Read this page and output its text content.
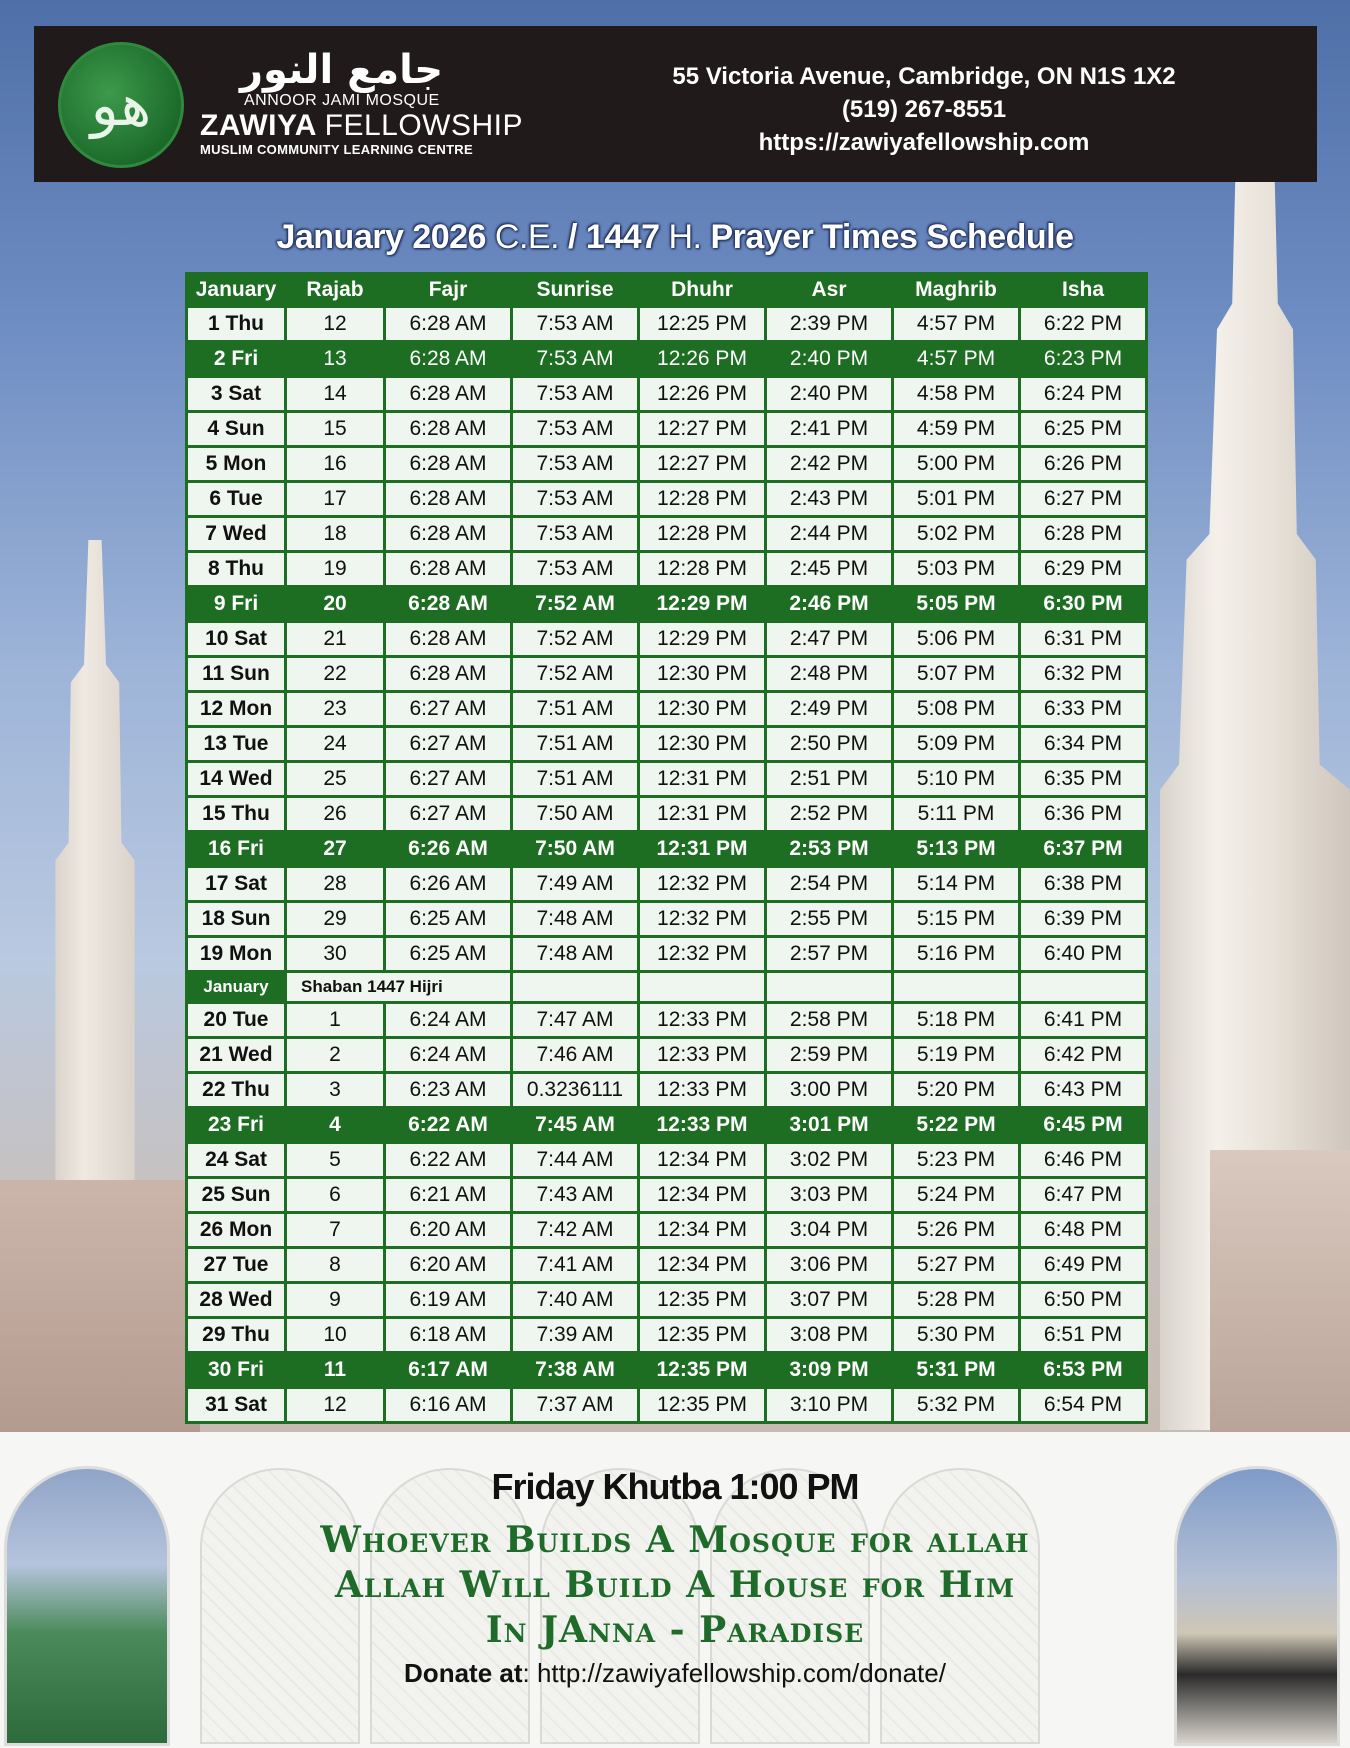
هو
جامع النور
ANNOOR JAMI MOSQUE
ZAWIYA FELLOWSHIP
MUSLIM COMMUNITY LEARNING CENTRE
55 Victoria Avenue, Cambridge, ON N1S 1X2
(519) 267-8551
https://zawiyafellowship.com
January 2026 C.E. / 1447 H. Prayer Times Schedule
January	Rajab	Fajr	Sunrise	Dhuhr	Asr	Maghrib	Isha
1 Thu	12	6:28 AM	7:53 AM	12:25 PM	2:39 PM	4:57 PM	6:22 PM
2 Fri	13	6:28 AM	7:53 AM	12:26 PM	2:40 PM	4:57 PM	6:23 PM
3 Sat	14	6:28 AM	7:53 AM	12:26 PM	2:40 PM	4:58 PM	6:24 PM
4 Sun	15	6:28 AM	7:53 AM	12:27 PM	2:41 PM	4:59 PM	6:25 PM
5 Mon	16	6:28 AM	7:53 AM	12:27 PM	2:42 PM	5:00 PM	6:26 PM
6 Tue	17	6:28 AM	7:53 AM	12:28 PM	2:43 PM	5:01 PM	6:27 PM
7 Wed	18	6:28 AM	7:53 AM	12:28 PM	2:44 PM	5:02 PM	6:28 PM
8 Thu	19	6:28 AM	7:53 AM	12:28 PM	2:45 PM	5:03 PM	6:29 PM
9 Fri	20	6:28 AM	7:52 AM	12:29 PM	2:46 PM	5:05 PM	6:30 PM
10 Sat	21	6:28 AM	7:52 AM	12:29 PM	2:47 PM	5:06 PM	6:31 PM
11 Sun	22	6:28 AM	7:52 AM	12:30 PM	2:48 PM	5:07 PM	6:32 PM
12 Mon	23	6:27 AM	7:51 AM	12:30 PM	2:49 PM	5:08 PM	6:33 PM
13 Tue	24	6:27 AM	7:51 AM	12:30 PM	2:50 PM	5:09 PM	6:34 PM
14 Wed	25	6:27 AM	7:51 AM	12:31 PM	2:51 PM	5:10 PM	6:35 PM
15 Thu	26	6:27 AM	7:50 AM	12:31 PM	2:52 PM	5:11 PM	6:36 PM
16 Fri	27	6:26 AM	7:50 AM	12:31 PM	2:53 PM	5:13 PM	6:37 PM
17 Sat	28	6:26 AM	7:49 AM	12:32 PM	2:54 PM	5:14 PM	6:38 PM
18 Sun	29	6:25 AM	7:48 AM	12:32 PM	2:55 PM	5:15 PM	6:39 PM
19 Mon	30	6:25 AM	7:48 AM	12:32 PM	2:57 PM	5:16 PM	6:40 PM
January	Shaban 1447 Hijri						
20 Tue	1	6:24 AM	7:47 AM	12:33 PM	2:58 PM	5:18 PM	6:41 PM
21 Wed	2	6:24 AM	7:46 AM	12:33 PM	2:59 PM	5:19 PM	6:42 PM
22 Thu	3	6:23 AM	0.3236111	12:33 PM	3:00 PM	5:20 PM	6:43 PM
23 Fri	4	6:22 AM	7:45 AM	12:33 PM	3:01 PM	5:22 PM	6:45 PM
24 Sat	5	6:22 AM	7:44 AM	12:34 PM	3:02 PM	5:23 PM	6:46 PM
25 Sun	6	6:21 AM	7:43 AM	12:34 PM	3:03 PM	5:24 PM	6:47 PM
26 Mon	7	6:20 AM	7:42 AM	12:34 PM	3:04 PM	5:26 PM	6:48 PM
27 Tue	8	6:20 AM	7:41 AM	12:34 PM	3:06 PM	5:27 PM	6:49 PM
28 Wed	9	6:19 AM	7:40 AM	12:35 PM	3:07 PM	5:28 PM	6:50 PM
29 Thu	10	6:18 AM	7:39 AM	12:35 PM	3:08 PM	5:30 PM	6:51 PM
30 Fri	11	6:17 AM	7:38 AM	12:35 PM	3:09 PM	5:31 PM	6:53 PM
31 Sat	12	6:16 AM	7:37 AM	12:35 PM	3:10 PM	5:32 PM	6:54 PM
Friday Khutba 1:00 PM
Whoever Builds A Mosque for allah
Allah Will Build A House for Him
In JAnna - Paradise
Donate at: http://zawiyafellowship.com/donate/
